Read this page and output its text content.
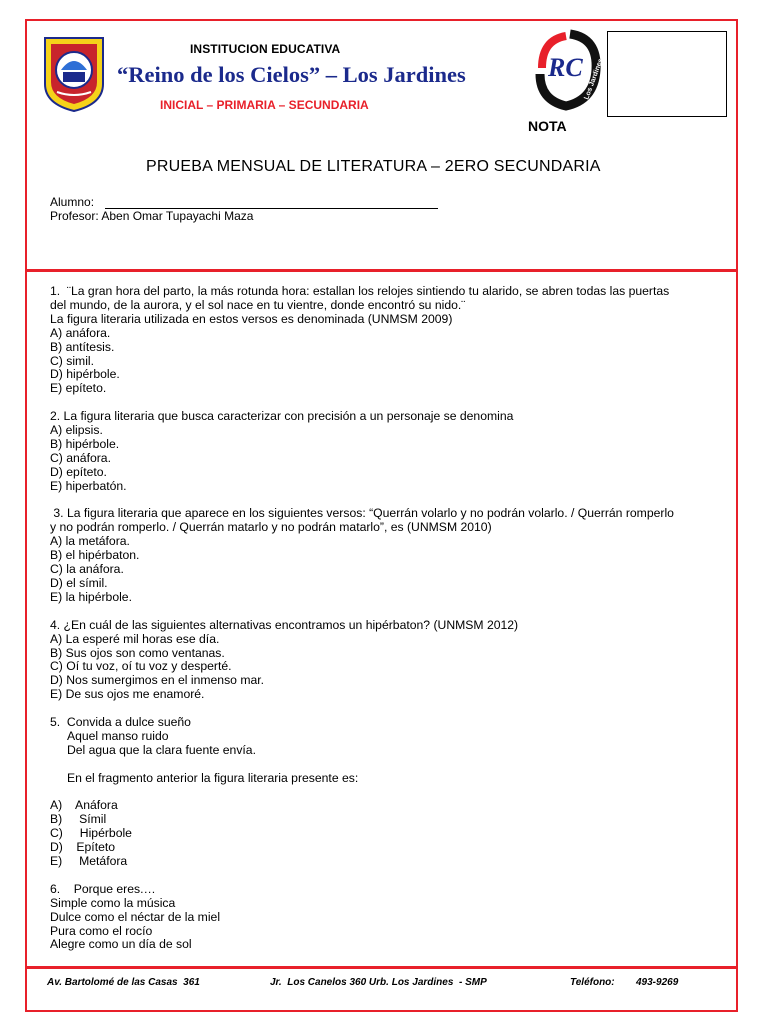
INSTITUCION EDUCATIVA
“Reino de los Cielos” – Los Jardines
INICIAL – PRIMARIA – SECUNDARIA
RC Los Jardines
NOTA
PRUEBA MENSUAL DE LITERATURA – 2ERO SECUNDARIA
Alumno:
Profesor: Aben Omar Tupayachi Maza

1.  ¨La gran hora del parto, la más rotunda hora: estallan los relojes sintiendo tu alarido, se abren todas las puertas

del mundo, de la aurora, y el sol nace en tu vientre, donde encontró su nido.¨

La figura literaria utilizada en estos versos es denominada (UNMSM 2009)

A) anáfora.

B) antítesis.

C) simil.

D) hipérbole.

E) epíteto.

2. La figura literaria que busca caracterizar con precisión a un personaje se denomina

A) elipsis.

B) hipérbole.

C) anáfora.

D) epíteto.

E) hiperbatón.

3. La figura literaria que aparece en los siguientes versos: “Querrán volarlo y no podrán volarlo. / Querrán romperlo

y no podrán romperlo. / Querrán matarlo y no podrán matarlo”, es (UNMSM 2010)

A) la metáfora.

B) el hipérbaton.

C) la anáfora.

D) el símil.

E) la hipérbole.

4. ¿En cuál de las siguientes alternativas encontramos un hipérbaton? (UNMSM 2012)

A) La esperé mil horas ese día.

B) Sus ojos son como ventanas.

C) Oí tu voz, oí tu voz y desperté.

D) Nos sumergimos en el inmenso mar.

E) De sus ojos me enamoré.

5.  Convida a dulce sueño

Aquel manso ruido

Del agua que la clara fuente envía.

En el fragmento anterior la figura literaria presente es:

A)    Anáfora

B)     Símil

C)     Hipérbole

D)    Epíteto

E)     Metáfora

6.    Porque eres.…

Simple como la música

Dulce como el néctar de la miel

Pura como el rocío

Alegre como un día de sol

Av. Bartolomé de las Casas  361	Jr.  Los Canelos 360 Urb. Los Jardines  - SMP	Teléfono: 493-9269
